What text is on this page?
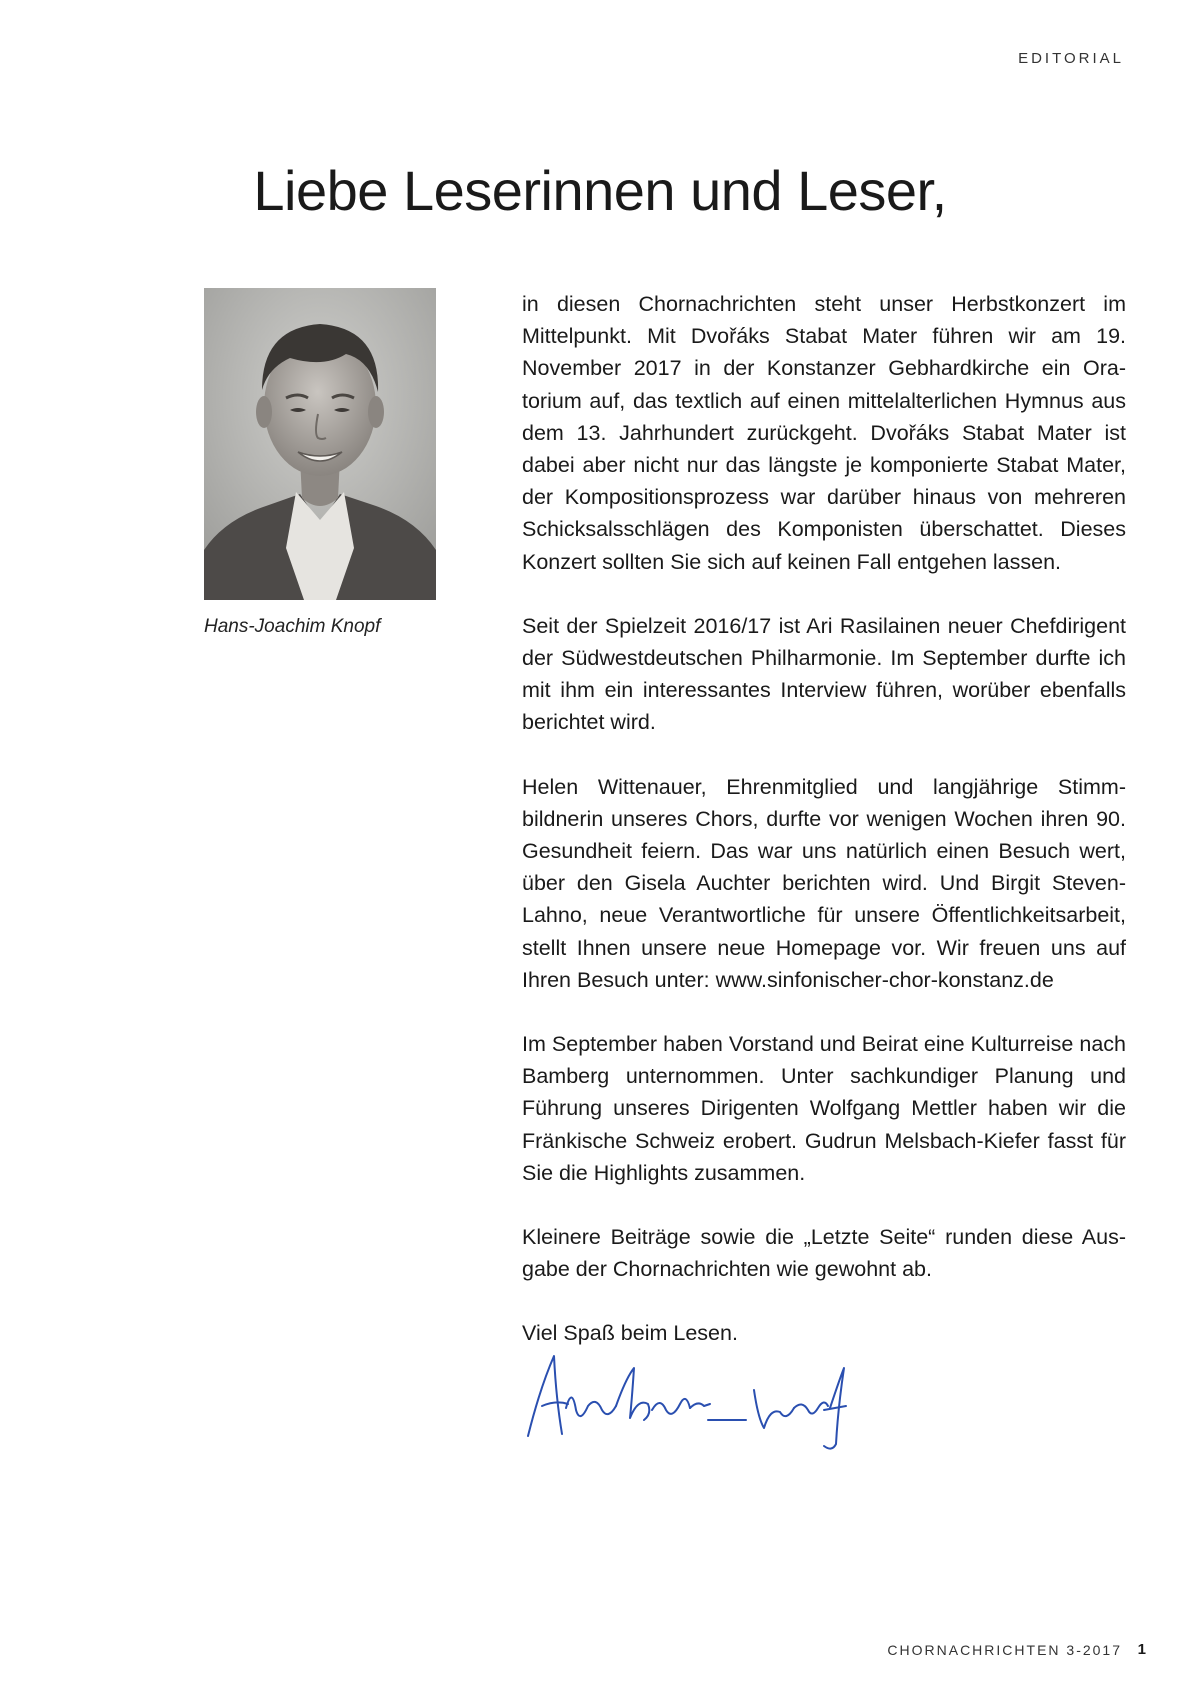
EDITORIAL
Liebe Leserinnen und Leser,
Hans-Joachim Knopf

in diesen Chornachrichten steht unser Herbstkonzert im Mittelpunkt. Mit Dvořáks Stabat Mater führen wir am 19. November 2017 in der Konstanzer Gebhardkirche ein Oratorium auf, das textlich auf einen mittelalterlichen Hymnus aus dem 13. Jahrhundert zurückgeht. Dvořáks Stabat Mater ist dabei aber nicht nur das längste je komponierte Stabat Mater, der Kompositionsprozess war darüber hinaus von mehreren Schicksalsschlägen des Komponisten überschattet. Dieses Konzert sollten Sie sich auf keinen Fall entgehen lassen.

Seit der Spielzeit 2016/17 ist Ari Rasilainen neuer Chefdirigent der Südwestdeutschen Philharmonie. Im September durfte ich mit ihm ein interessantes Interview führen, worüber ebenfalls berichtet wird.

Helen Wittenauer, Ehrenmitglied und langjährige Stimmbildnerin unseres Chors, durfte vor wenigen Wochen ihren 90. Gesundheit feiern. Das war uns natürlich einen Besuch wert, über den Gisela Auchter berichten wird. Und Birgit Steven-Lahno, neue Verantwortliche für unsere Öffentlichkeitsarbeit, stellt Ihnen unsere neue Homepage vor. Wir freuen uns auf Ihren Besuch unter: www.sinfonischer-chor-konstanz.de

Im September haben Vorstand und Beirat eine Kulturreise nach Bamberg unternommen. Unter sachkundiger Planung und Führung unseres Dirigenten Wolfgang Mettler haben wir die Fränkische Schweiz erobert. Gudrun Melsbach-Kiefer fasst für Sie die Highlights zusammen.

Kleinere Beiträge sowie die „Letzte Seite“ runden diese Ausgabe der Chornachrichten wie gewohnt ab.

Viel Spaß beim Lesen.

CHORNACHRICHTEN 3-2017 1
